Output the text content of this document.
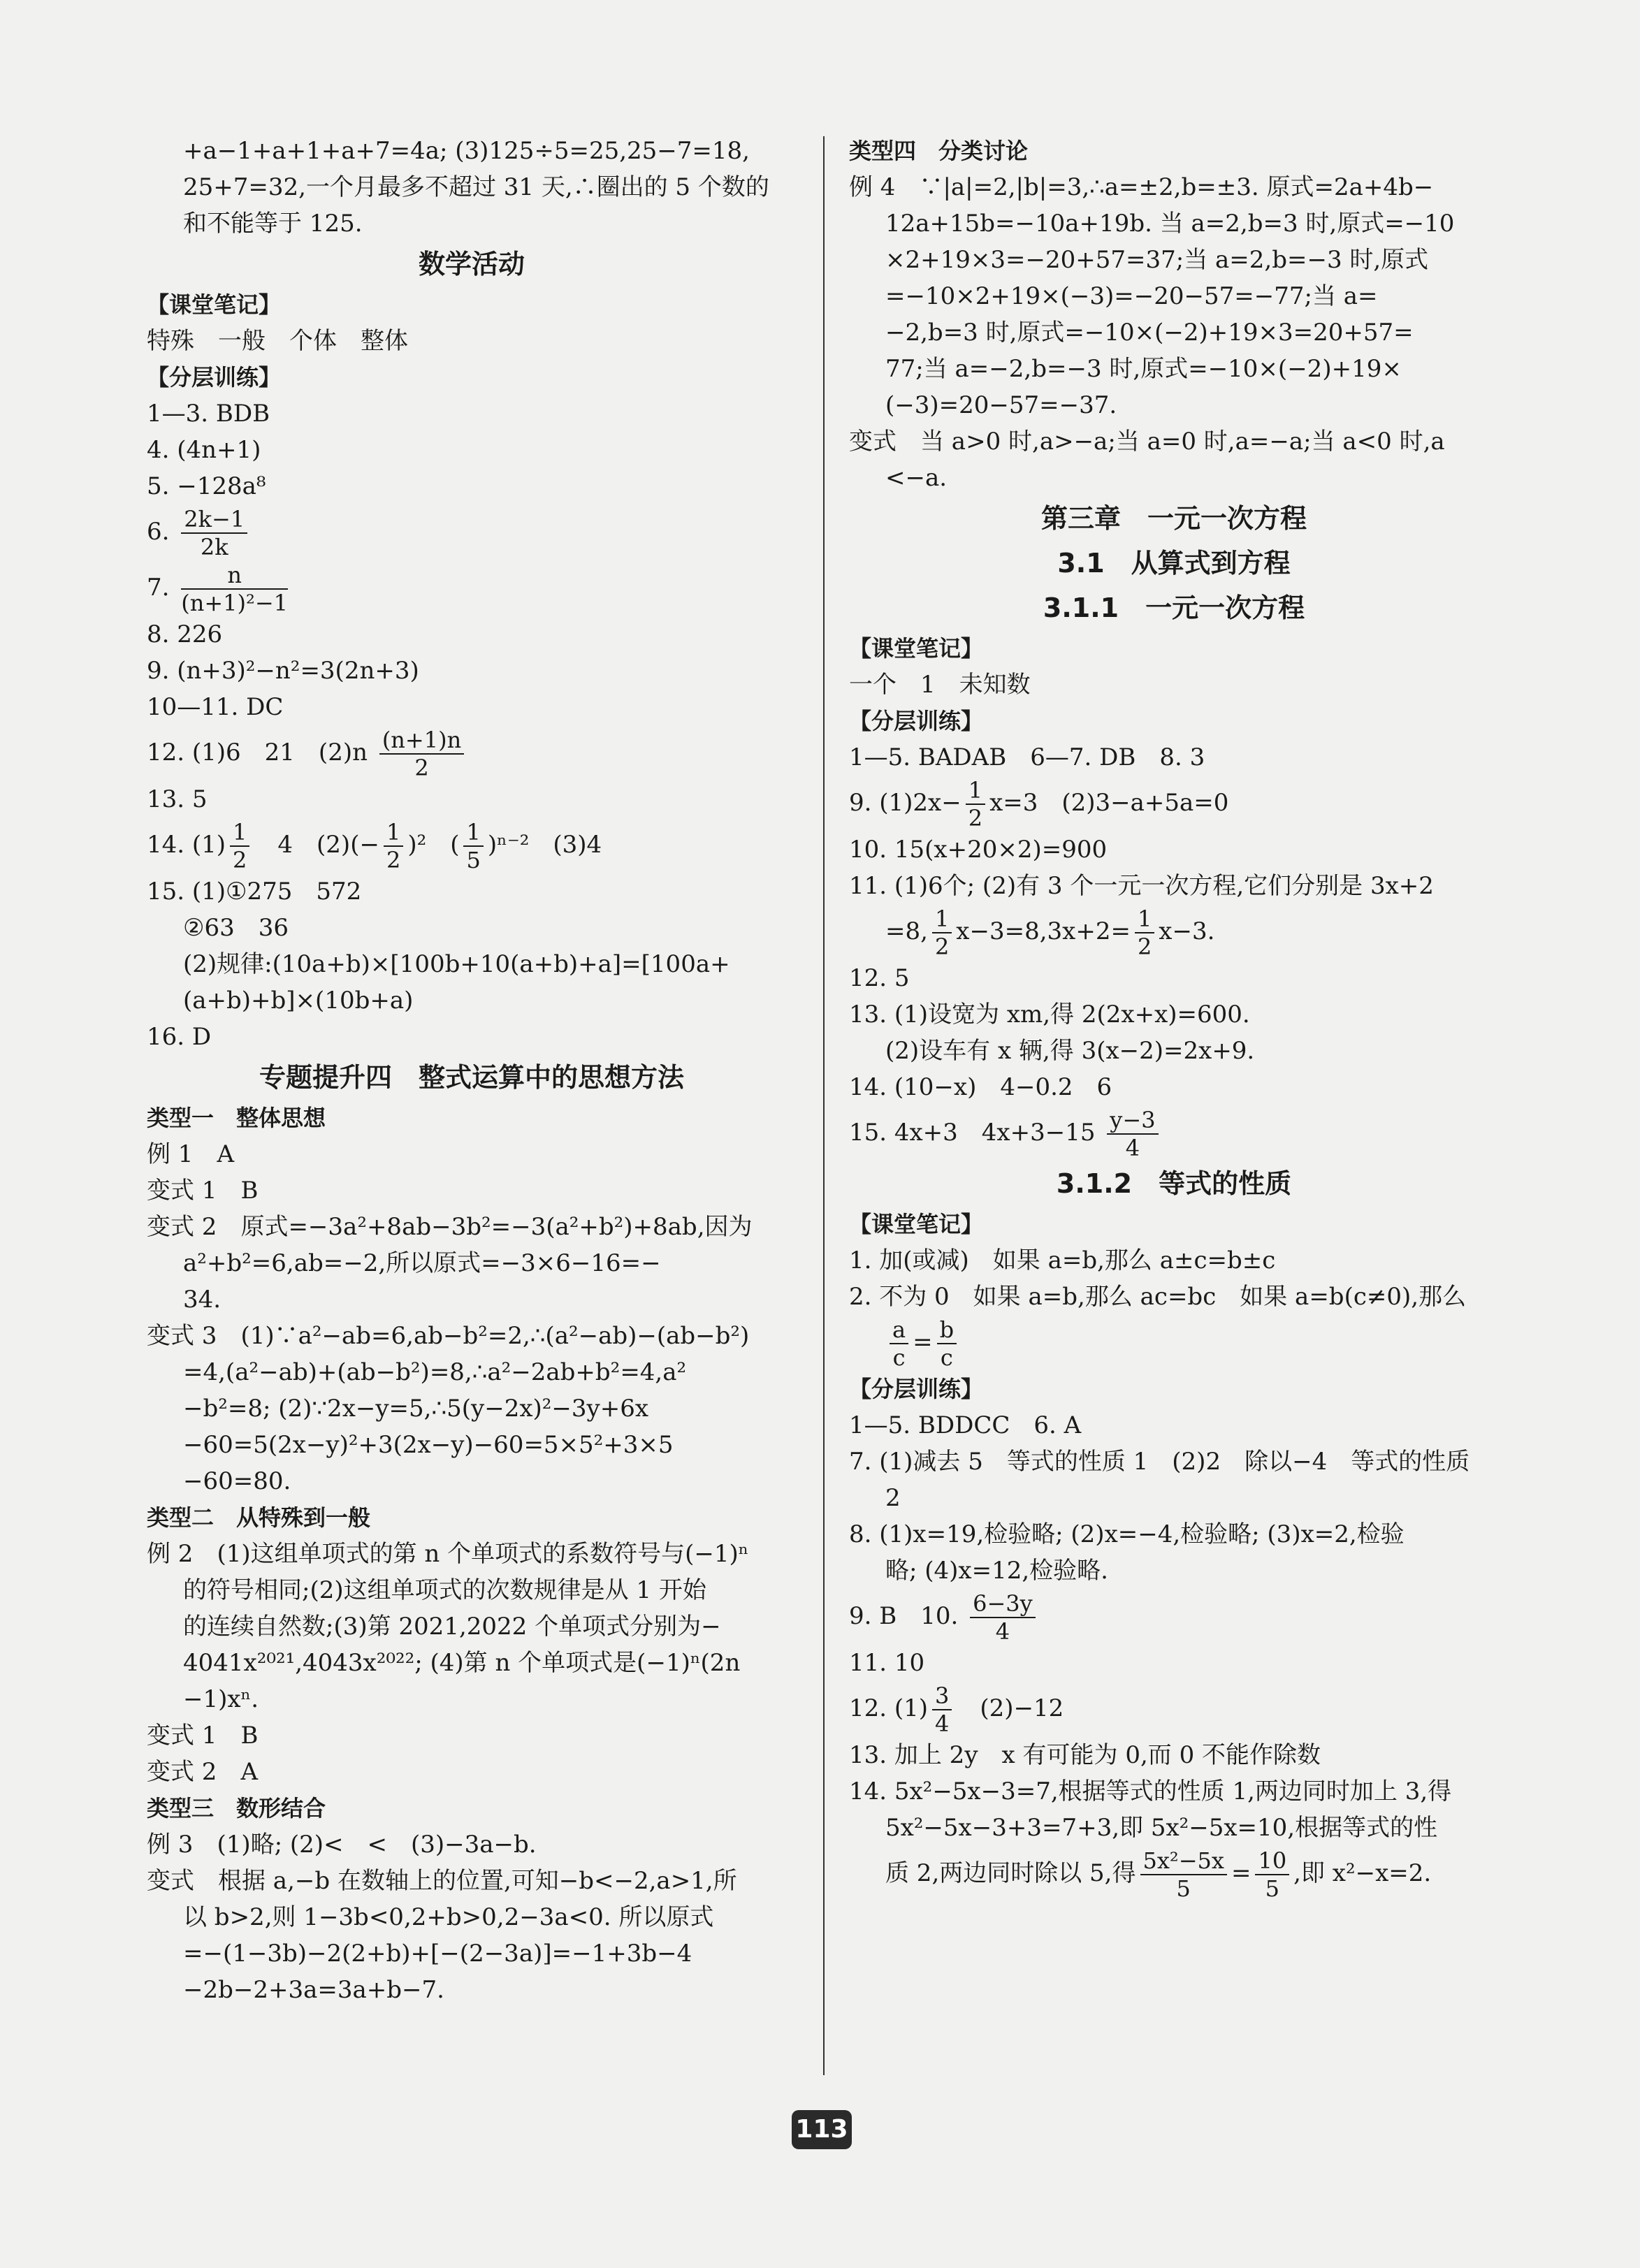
+a−1+a+1+a+7=4a; (3)125÷5=25,25−7=18,
25+7=32,一个月最多不超过 31 天,∴圈出的 5 个数的
和不能等于 125.
数学活动
【课堂笔记】
特殊　一般　个体　整体
【分层训练】
1—3. BDB
4. (4n+1)
5. −128a⁸
6. $\frac{2k-1}{2k}$
7. $\frac{n}{\text{(n+1)²−1}}$
8. 226
9. (n+3)²−n²=3(2n+3)
10—11. DC
12. (1)6　21　$(2)n \frac{(n+1)n}{2}$
13. 5
14. $(1) \frac{1}{2}$ 　4　$(2)(- \frac{1}{2} )^2$　( $\frac{1}{5} )^{n-2}$　(3)4
15. (1)①275　572
②63　36
(2)规律:(10a+b)×[100b+10(a+b)+a]=[100a+
(a+b)+b]×(10b+a)
16. D
专题提升四　整式运算中的思想方法
类型一　整体思想
例 1　A
变式 1　B
变式 2　原式=−3a²+8ab−3b²=−3(a²+b²)+8ab,因为
a²+b²=6,ab=−2,所以原式=−3×6−16=−
34.
变式 3　(1)∵a²−ab=6,ab−b²=2,∴(a²−ab)−(ab−b²)
=4,(a²−ab)+(ab−b²)=8,∴a²−2ab+b²=4,a²
−b²=8; (2)∵2x−y=5,∴5(y−2x)²−3y+6x
−60=5(2x−y)²+3(2x−y)−60=5×5²+3×5
−60=80.
类型二　从特殊到一般
例 2　(1)这组单项式的第 n 个单项式的系数符号与(−1)ⁿ
的符号相同;(2)这组单项式的次数规律是从 1 开始
的连续自然数;(3)第 2021,2022 个单项式分别为−
4041x²⁰²¹,4043x²⁰²²; (4)第 n 个单项式是(−1)ⁿ(2n
−1)xⁿ.
变式 1　B
变式 2　A
类型三　数形结合
例 3　(1)略; (2)<　<　(3)−3a−b.
变式　根据 a,−b 在数轴上的位置,可知−b<−2,a>1,所
以 b>2,则 1−3b<0,2+b>0,2−3a<0. 所以原式
=−(1−3b)−2(2+b)+[−(2−3a)]=−1+3b−4
−2b−2+3a=3a+b−7.
类型四　分类讨论
例 4　∵|a|=2,|b|=3,∴a=±2,b=±3. 原式=2a+4b−
12a+15b=−10a+19b. 当 a=2,b=3 时,原式=−10
×2+19×3=−20+57=37;当 a=2,b=−3 时,原式
=−10×2+19×(−3)=−20−57=−77;当 a=
−2,b=3 时,原式=−10×(−2)+19×3=20+57=
77;当 a=−2,b=−3 时,原式=−10×(−2)+19×
(−3)=20−57=−37.
变式　当 a>0 时,a>−a;当 a=0 时,a=−a;当 a<0 时,a
<−a.
第三章　一元一次方程
3.1　从算式到方程
3.1.1　一元一次方程
【课堂笔记】
一个　1　未知数
【分层训练】
1—5. BADAB　6—7. DB　8. 3
9. $(1)2x- \frac{1}{2} x=3$　(2)3−a+5a=0
10. 15(x+20×2)=900
11. (1)6个; (2)有 3 个一元一次方程,它们分别是 3x+2
=8, $\frac{1}{2} x-3=8,3x+2= \frac{1}{2} x-3$.
12. 5
13. (1)设宽为 xm,得 2(2x+x)=600.
(2)设车有 x 辆,得 3(x−2)=2x+9.
14. (10−x)　4−0.2　6
15. 4x+3　$4x+3-15 \frac{y-3}{4}$
3.1.2　等式的性质
【课堂笔记】
1. 加(或减)　如果 a=b,那么 a±c=b±c
2. 不为 0　如果 a=b,那么 ac=bc　如果 a=b(c≠0),那么
$\frac{a}{c} = \frac{b}{c}$
【分层训练】
1—5. BDDCC　6. A
7. (1)减去 5　等式的性质 1　(2)2　除以−4　等式的性质
2
8. (1)x=19,检验略; (2)x=−4,检验略; (3)x=2,检验
略; (4)x=12,检验略.
9. B　10. $\frac{6-3y}{4}$
11. 10
12. $(1) \frac{3}{4}$ 　(2)−12
13. 加上 2y　x 有可能为 0,而 0 不能作除数
14. 5x²−5x−3=7,根据等式的性质 1,两边同时加上 3,得
5x²−5x−3+3=7+3,即 5x²−5x=10,根据等式的性
质 2,两边同时除以 5,得 $\frac{\text{5x²−5x}}{5} = \frac{10}{5}$ ,即 x²−x=2.
113
